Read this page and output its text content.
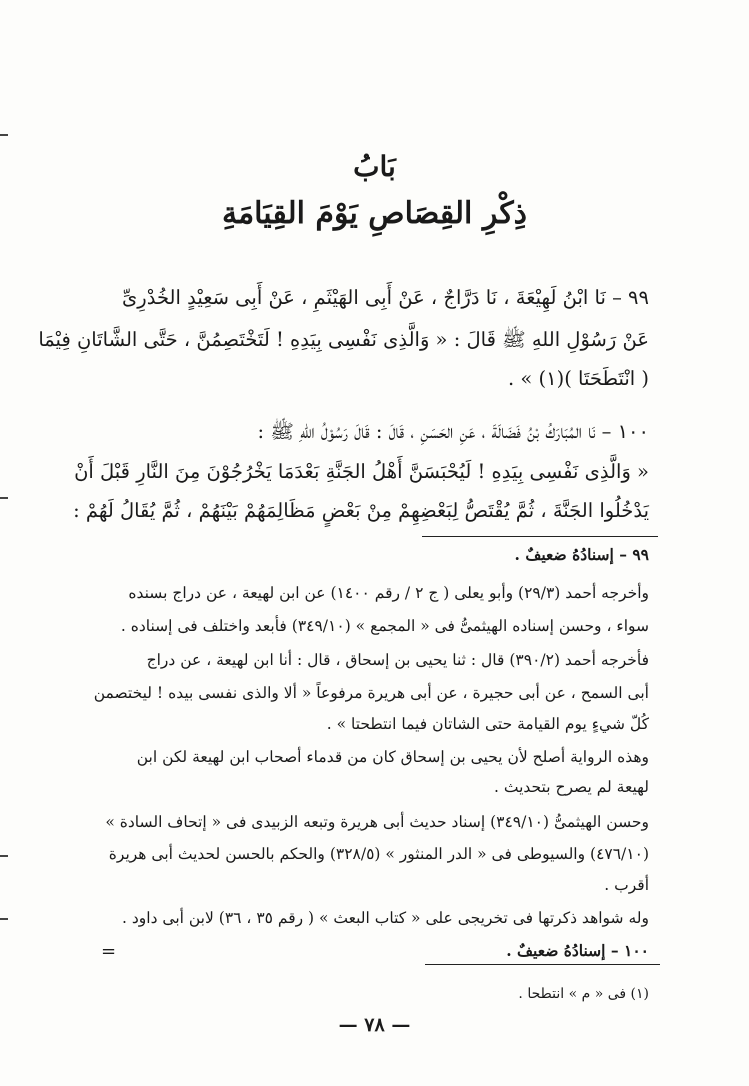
بَابُ
ذِكْرِ القِصَاصِ يَوْمَ القِيَامَةِ
٩٩ – نَا ابْنُ لَهِيْعَةَ ، نَا دَرَّاجٌ ، عَنْ أَبِى الهَيْثَمِ ، عَنْ أَبِى سَعِيْدٍ الخُدْرِىِّ
عَنْ رَسُوْلِ اللهِ ﷺ قَالَ : « وَالَّذِى نَفْسِى بِيَدِهِ ! لَتَخْتَصِمُنَّ ، حَتَّى الشَّاتَانِ فِيْمَا
( انْتَطَحَتَا )(١) » .
١٠٠ – نَا المُبَارَكُ بْنُ فَضَالَةَ ، عَنِ الحَسَنِ ، قَالَ : قَالَ رَسُوْلُ اللهِ ﷺ :
« وَالَّذِى نَفْسِى بِيَدِهِ ! لَيُحْبَسَنَّ أَهْلُ الجَنَّةِ بَعْدَمَا يَخْرُجُوْنَ مِنَ النَّارِ قَبْلَ أَنْ
يَدْخُلُوا الجَنَّةَ ، ثُمَّ يُقْتَصُّ لِبَعْضِهِمْ مِنْ بَعْضٍ مَظَالِمَهُمْ بَيْنَهُمْ ، ثُمَّ يُقَالُ لَهُمْ :
٩٩ – إسنادُهُ ضعيفٌ .
وأخرجه أحمد (٢٩/٣) وأبو يعلى ( ج ٢ / رقم ١٤٠٠) عن ابن لهيعة ، عن دراج بسنده
سواء ، وحسن إسناده الهيثمىُّ فى « المجمع » (٣٤٩/١٠) فأبعد واختلف فى إسناده .
فأخرجه أحمد (٣٩٠/٢) قال : ثنا يحيى بن إسحاق ، قال : أنا ابن لهيعة ، عن دراج
أبى السمح ، عن أبى حجيرة ، عن أبى هريرة مرفوعاً « ألا والذى نفسى بيده ! ليختصمن
كُلّ شيءٍ يوم القيامة حتى الشاتان فيما انتطحتا » .
وهذه الرواية أصلح لأن يحيى بن إسحاق كان من قدماء أصحاب ابن لهيعة لكن ابن
لهيعة لم يصرح بتحديث .
وحسن الهيثمىُّ (٣٤٩/١٠) إسناد حديث أبى هريرة وتبعه الزبيدى فى « إتحاف السادة »
(٤٧٦/١٠) والسيوطى فى « الدر المنثور » (٣٢٨/٥) والحكم بالحسن لحديث أبى هريرة
أقرب .
وله شواهد ذكرتها فى تخريجى على « كتاب البعث » ( رقم ٣٥ ، ٣٦) لابن أبى داود .
١٠٠ – إسنادُهُ ضعيفٌ .
=
(١) فى « م » انتطحا .
— ٧٨ —
